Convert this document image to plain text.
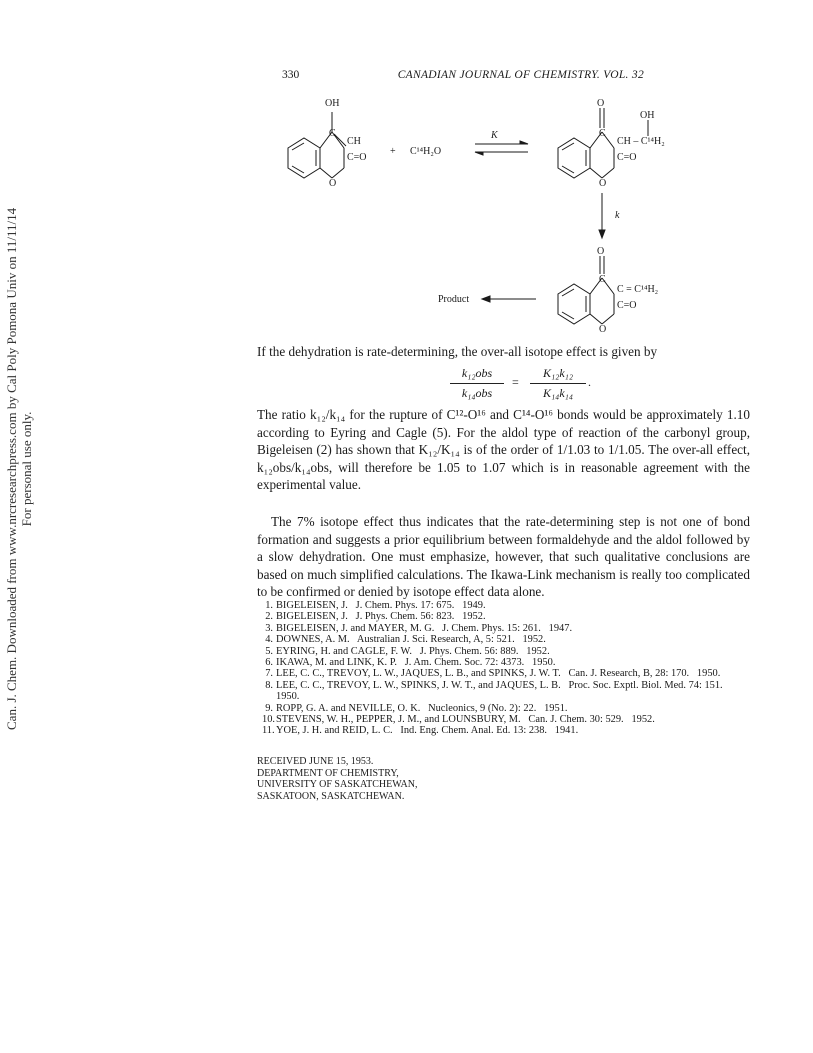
Can. J. Chem. Downloaded from www.nrcresearchpress.com by Cal Poly Pomona Univ on 11/11/14 For personal use only.
330	CANADIAN JOURNAL OF CHEMISTRY. VOL. 32
OH
C
CH
C=O
O
+ C¹⁴H₂O
K
O
OH
C
CH – C¹⁴H₂
C=O
O
k
O
C
C = C¹⁴H₂
C=O
O
Product
If the dehydration is rate-determining, the over-all isotope effect is given by
k₁₂obs
k₁₄obs
=
K₁₂k₁₂
K₁₄k₁₄
.
The ratio k₁₂/k₁₄ for the rupture of C¹²-O¹⁶ and C¹⁴-O¹⁶ bonds would be approximately 1.10 according to Eyring and Cagle (5). For the aldol type of reaction of the carbonyl group, Bigeleisen (2) has shown that K₁₂/K₁₄ is of the order of 1/1.03 to 1/1.05. The over-all effect, k₁₂obs/k₁₄obs, will therefore be 1.05 to 1.07 which is in reasonable agreement with the experimental value.
The 7% isotope effect thus indicates that the rate-determining step is not one of bond formation and suggests a prior equilibrium between formaldehyde and the aldol followed by a slow dehydration. One must emphasize, however, that such qualitative conclusions are based on much simplified calculations. The Ikawa-Link mechanism is really too complicated to be confirmed or denied by isotope effect data alone.
1. BIGELEISEN, J.   J. Chem. Phys. 17: 675.   1949.
2. BIGELEISEN, J.   J. Phys. Chem. 56: 823.   1952.
3. BIGELEISEN, J. and MAYER, M. G.   J. Chem. Phys. 15: 261.   1947.
4. DOWNES, A. M.   Australian J. Sci. Research, A, 5: 521.   1952.
5. EYRING, H. and CAGLE, F. W.   J. Phys. Chem. 56: 889.   1952.
6. IKAWA, M. and LINK, K. P.   J. Am. Chem. Soc. 72: 4373.   1950.
7. LEE, C. C., TREVOY, L. W., JAQUES, L. B., and SPINKS, J. W. T.   Can. J. Research, B, 28: 170.   1950.
8. LEE, C. C., TREVOY, L. W., SPINKS, J. W. T., and JAQUES, L. B.   Proc. Soc. Exptl. Biol. Med. 74: 151.   1950.
9. ROPP, G. A. and NEVILLE, O. K.   Nucleonics, 9 (No. 2): 22.   1951.
10. STEVENS, W. H., PEPPER, J. M., and LOUNSBURY, M.   Can. J. Chem. 30: 529.   1952.
11. YOE, J. H. and REID, L. C.   Ind. Eng. Chem. Anal. Ed. 13: 238.   1941.
RECEIVED JUNE 15, 1953.
DEPARTMENT OF CHEMISTRY,
UNIVERSITY OF SASKATCHEWAN,
SASKATOON, SASKATCHEWAN.
